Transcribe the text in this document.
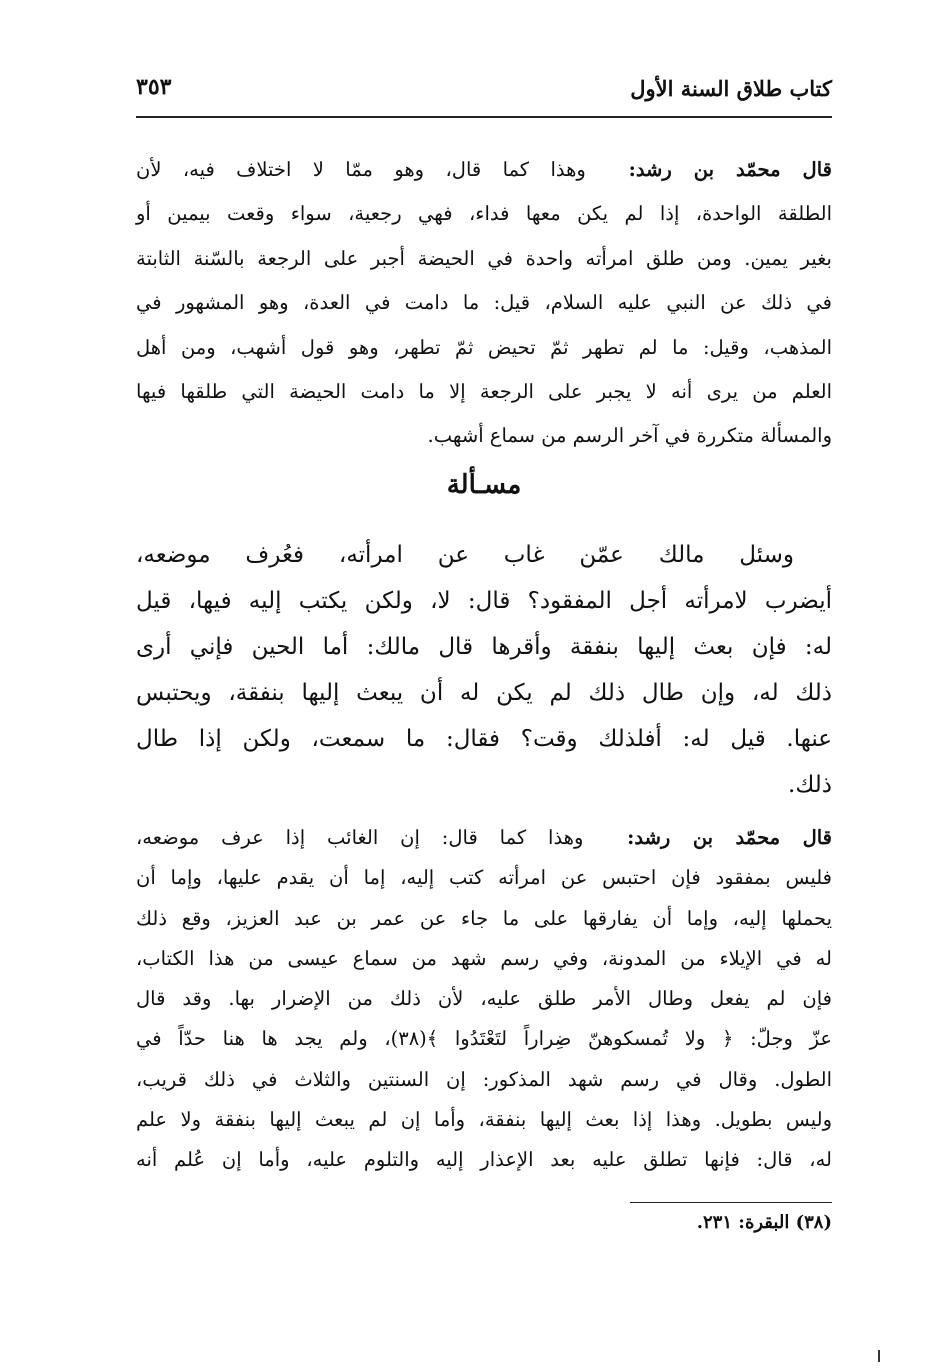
كتاب طلاق السنة الأول
٣٥٣
قال محمّد بن رشد:  وهذا كما قال، وهو ممّا لا اختلاف فيه، لأن
الطلقة الواحدة، إذا لم يكن معها فداء، فهي رجعية، سواء وقعت بيمين أو
بغير يمين. ومن طلق امرأته واحدة في الحيضة أجبر على الرجعة بالسّنة الثابتة
في ذلك عن النبي عليه السلام، قيل: ما دامت في العدة، وهو المشهور في
المذهب، وقيل: ما لم تطهر ثمّ تحيض ثمّ تطهر، وهو قول أشهب، ومن أهل
العلم من يرى أنه لا يجبر على الرجعة إلا ما دامت الحيضة التي طلقها فيها
والمسألة متكررة في آخر الرسم من سماع أشهب.
مسـألة
وسئل مالك عمّن غاب عن امرأته، فعُرف موضعه،
أيضرب لامرأته أجل المفقود؟ قال: لا، ولكن يكتب إليه فيها، قيل
له: فإن بعث إليها بنفقة وأقرها قال مالك: أما الحين فإني أرى
ذلك له، وإن طال ذلك لم يكن له أن يبعث إليها بنفقة، ويحتبس
عنها. قيل له: أفلذلك وقت؟ فقال: ما سمعت، ولكن إذا طال
ذلك.
قال محمّد بن رشد:  وهذا كما قال: إن الغائب إذا عرف موضعه،
فليس بمفقود فإن احتبس عن امرأته كتب إليه، إما أن يقدم عليها، وإما أن
يحملها إليه، وإما أن يفارقها على ما جاء عن عمر بن عبد العزيز، وقع ذلك
له في الإيلاء من المدونة، وفي رسم شهد من سماع عيسى من هذا الكتاب،
فإن لم يفعل وطال الأمر طلق عليه، لأن ذلك من الإضرار بها. وقد قال
عزّ وجلّ: ﴿ ولا تُمسكوهنّ ضِراراً لتَعْتَدُوا ﴾(٣٨)، ولم يجد ها هنا حدّاً في
الطول. وقال في رسم شهد المذكور: إن السنتين والثلاث في ذلك قريب،
وليس بطويل. وهذا إذا بعث إليها بنفقة، وأما إن لم يبعث إليها بنفقة ولا علم
له، قال: فإنها تطلق عليه بعد الإعذار إليه والتلوم عليه، وأما إن عُلم أنه
(٣٨) البقرة: ٢٣١.
